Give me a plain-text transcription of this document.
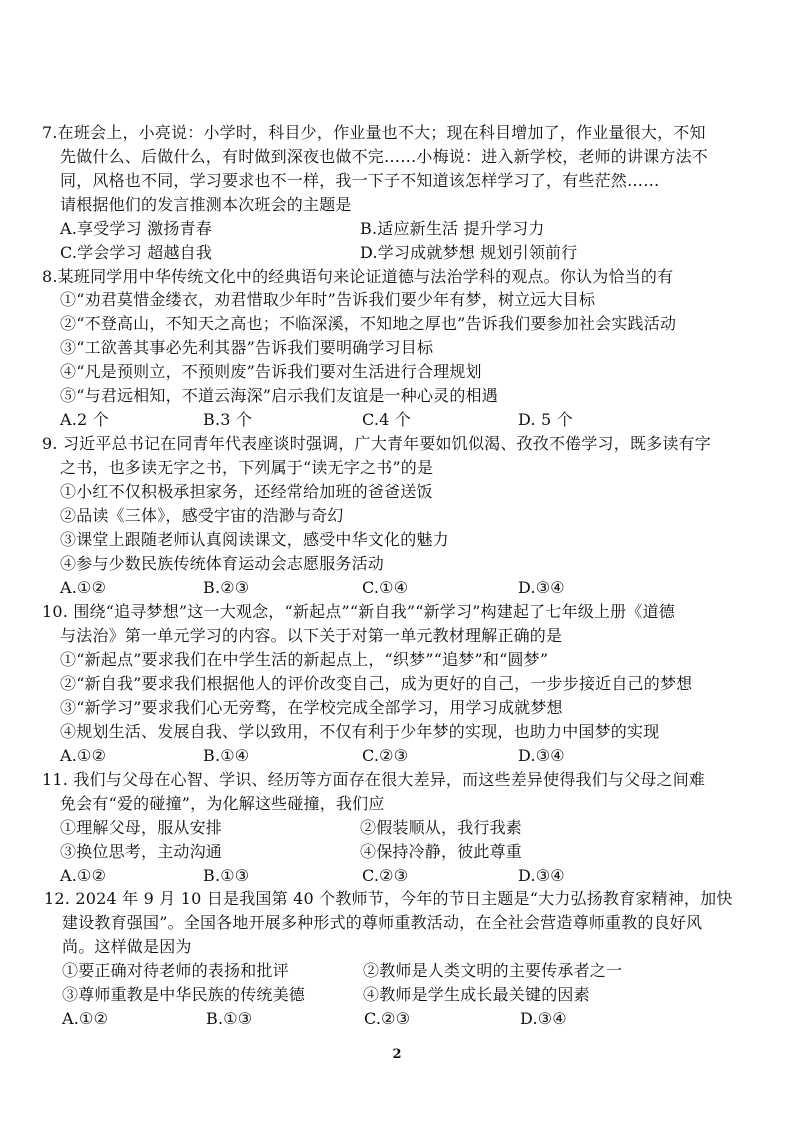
7.在班会上，小亮说：小学时，科目少，作业量也不大；现在科目增加了，作业量很大，不知
先做什么、后做什么，有时做到深夜也做不完……小梅说：进入新学校，老师的讲课方法不
同，风格也不同，学习要求也不一样，我一下子不知道该怎样学习了，有些茫然……
请根据他们的发言推测本次班会的主题是
A.享受学习 激扬青春	B.适应新生活 提升学习力
C.学会学习 超越自我	D.学习成就梦想 规划引领前行
8.某班同学用中华传统文化中的经典语句来论证道德与法治学科的观点。你认为恰当的有
①“劝君莫惜金缕衣，劝君惜取少年时”告诉我们要少年有梦，树立远大目标
②“不登高山，不知天之高也；不临深溪，不知地之厚也”告诉我们要参加社会实践活动
③“工欲善其事必先利其器”告诉我们要明确学习目标
④“凡是预则立，不预则废”告诉我们要对生活进行合理规划
⑤“与君远相知，不道云海深”启示我们友谊是一种心灵的相遇
A.2 个	B.3 个	C.4 个	D. 5 个
9. 习近平总书记在同青年代表座谈时强调，广大青年要如饥似渴、孜孜不倦学习，既多读有字
之书，也多读无字之书，下列属于“读无字之书”的是
①小红不仅积极承担家务，还经常给加班的爸爸送饭
②品读《三体》，感受宇宙的浩渺与奇幻
③课堂上跟随老师认真阅读课文，感受中华文化的魅力
④参与少数民族传统体育运动会志愿服务活动
A.①②	B.②③	C.①④	D.③④
10. 围绕“追寻梦想”这一大观念，“新起点”“新自我”“新学习”构建起了七年级上册《道德
与法治》第一单元学习的内容。以下关于对第一单元教材理解正确的是
①“新起点”要求我们在中学生活的新起点上，“织梦”“追梦”和“圆梦”
②“新自我”要求我们根据他人的评价改变自己，成为更好的自己，一步步接近自己的梦想
③“新学习”要求我们心无旁骛，在学校完成全部学习，用学习成就梦想
④规划生活、发展自我、学以致用，不仅有利于少年梦的实现，也助力中国梦的实现
A.①②	B.①④	C.②③	D.③④
11. 我们与父母在心智、学识、经历等方面存在很大差异，而这些差异使得我们与父母之间难
免会有“爱的碰撞”，为化解这些碰撞，我们应
①理解父母，服从安排	②假装顺从，我行我素
③换位思考，主动沟通	④保持冷静，彼此尊重
A.①②	B.①③	C.②③	D.③④
12. 2024 年 9 月 10 日是我国第 40 个教师节，今年的节日主题是“大力弘扬教育家精神，加快
建设教育强国”。全国各地开展多种形式的尊师重教活动，在全社会营造尊师重教的良好风
尚。这样做是因为
①要正确对待老师的表扬和批评	②教师是人类文明的主要传承者之一
③尊师重教是中华民族的传统美德	④教师是学生成长最关键的因素
A.①②	B.①③	C.②③	D.③④
2
